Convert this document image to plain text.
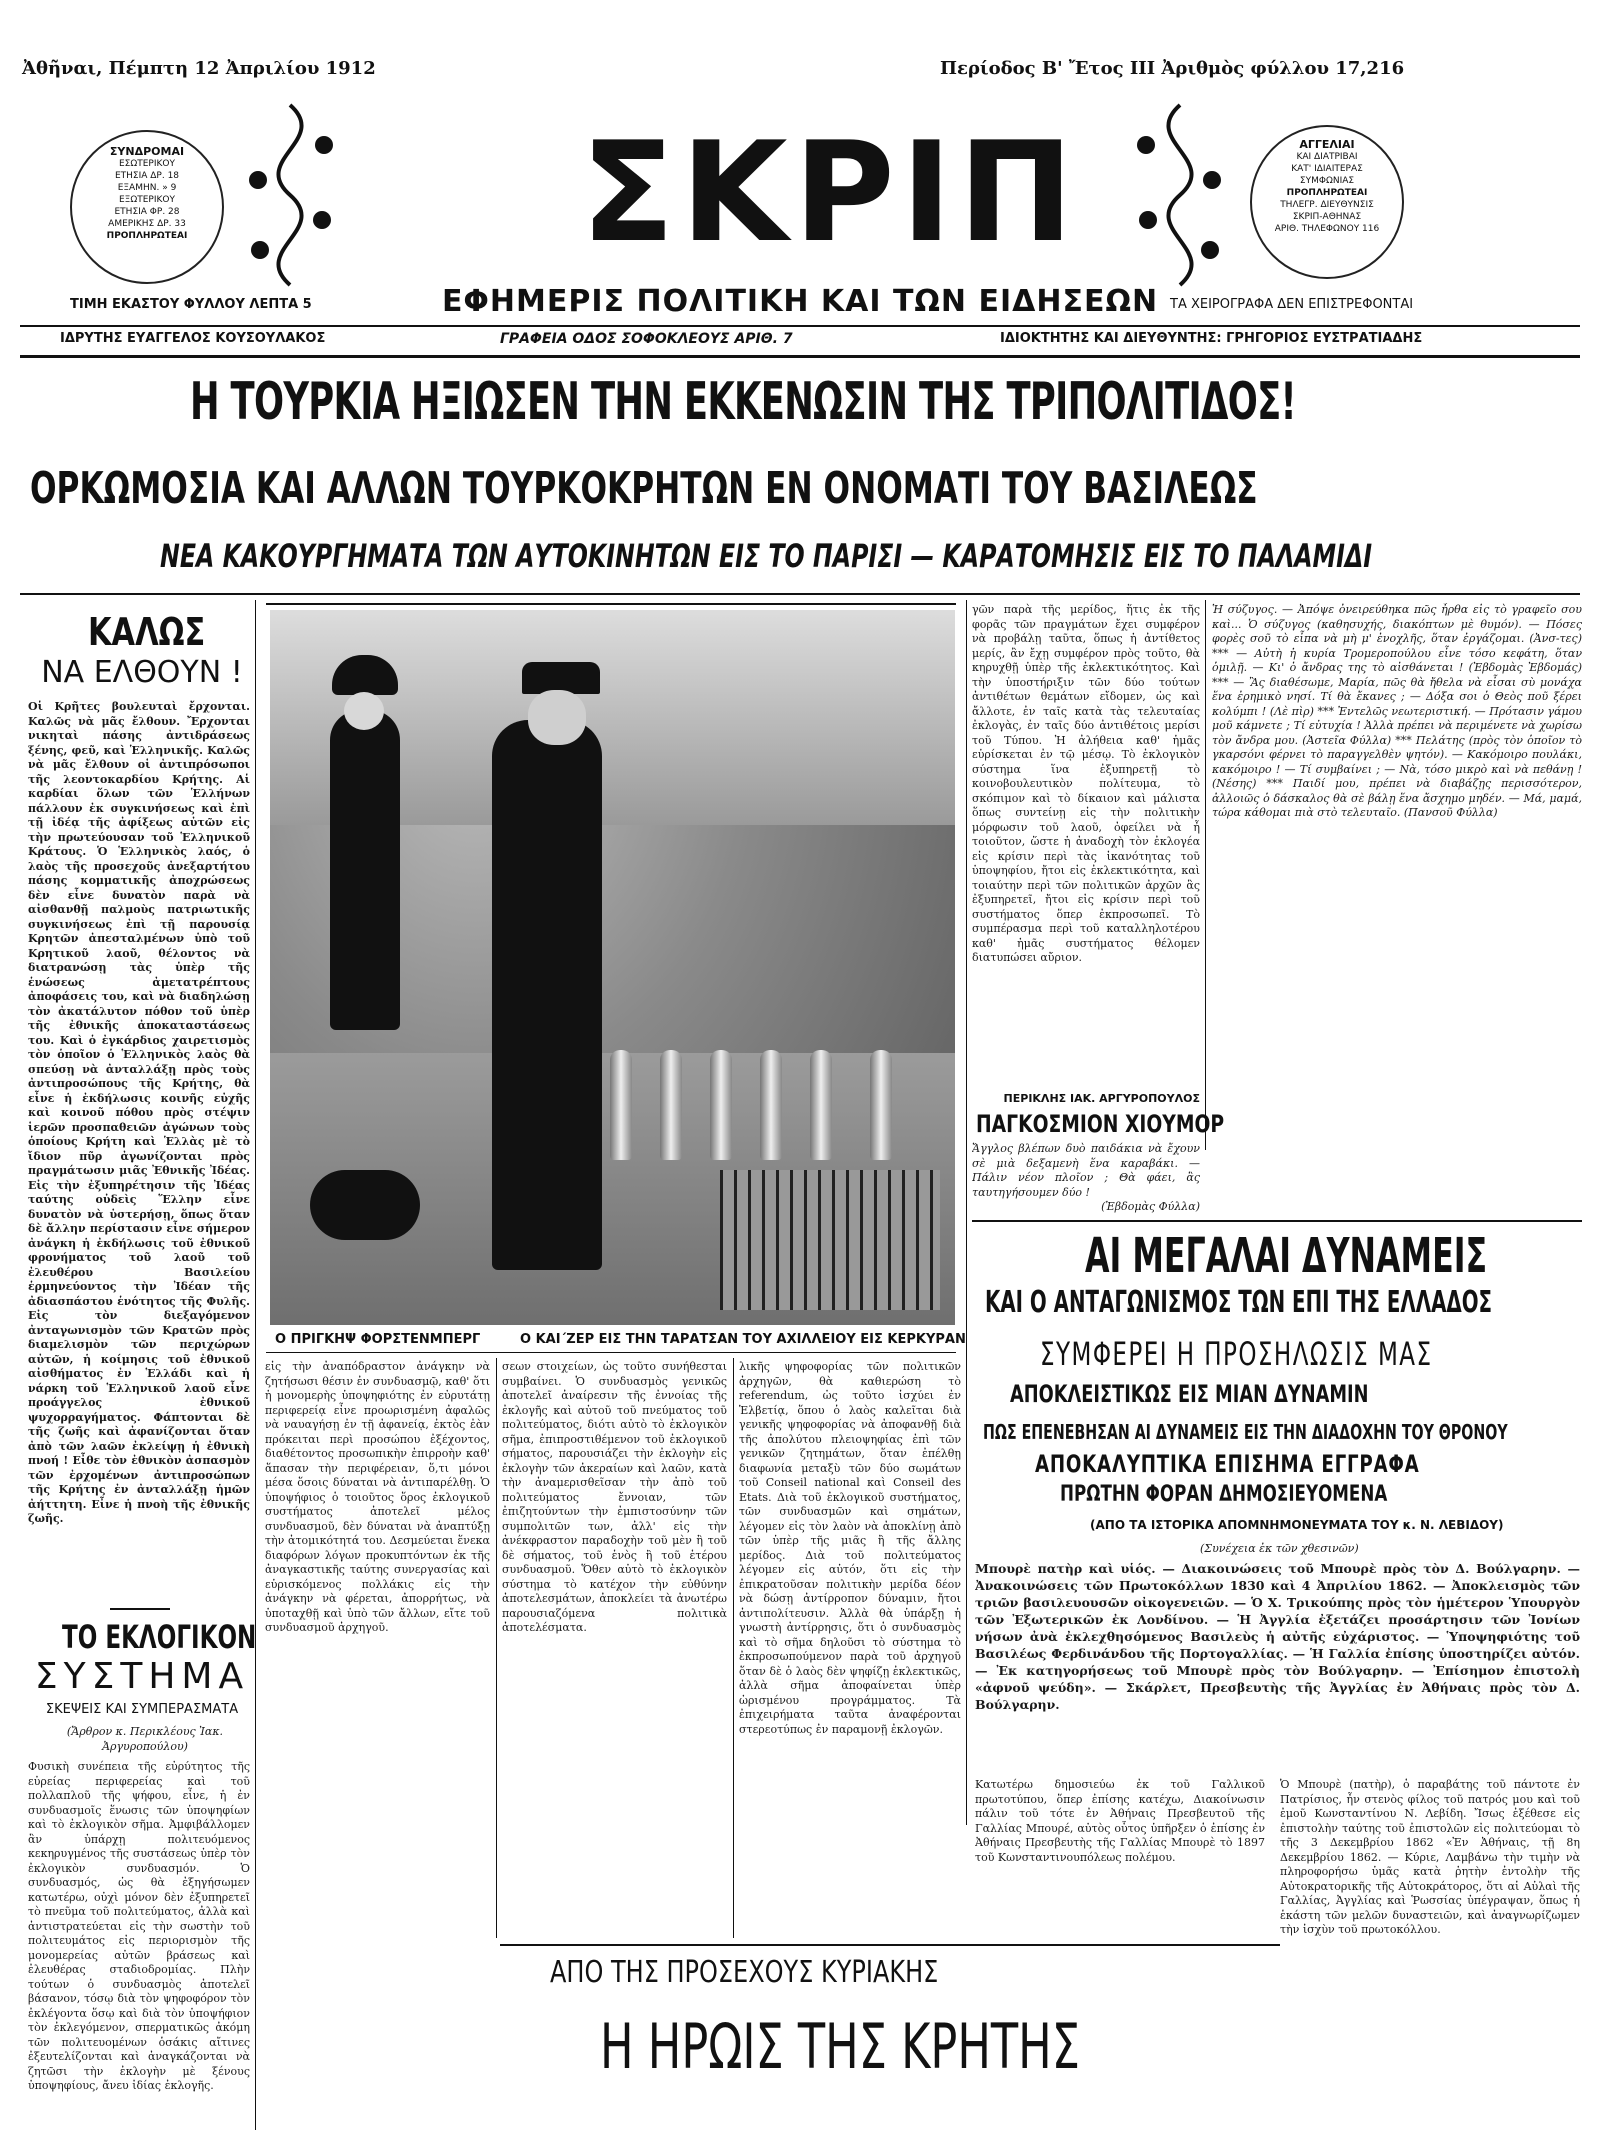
Ἀθῆναι, Πέμπτη 12 Ἀπριλίου 1912	Περίοδος Β' Ἔτος ΙΙΙ Ἀριθμὸς φύλλου 17,216
ΣΥΝΔΡΟΜΑΙ
ΕΣΩΤΕΡΙΚΟΥ
ΕΤΗΣΙΑ ΔΡ. 18
ΕΞΑΜΗΝ. » 9
ΕΞΩΤΕΡΙΚΟΥ
ΕΤΗΣΙΑ ΦΡ. 28
ΑΜΕΡΙΚΗΣ ΔΡ. 33
ΠΡΟΠΛΗΡΩΤΕΑΙ	ΣΚΡΙΠ	ΑΓΓΕΛΙΑΙ
ΚΑΙ ΔΙΑΤΡΙΒΑΙ
ΚΑΤ' ΙΔΙΑΙΤΕΡΑΣ
ΣΥΜΦΩΝΙΑΣ
ΠΡΟΠΛΗΡΩΤΕΑΙ
ΤΗΛΕΓΡ. ΔΙΕΥΘΥΝΣΙΣ
ΣΚΡΙΠ-ΑΘΗΝΑΣ
ΑΡΙΘ. ΤΗΛΕΦΩΝΟΥ 116
ΤΙΜΗ ΕΚΑΣΤΟΥ ΦΥΛΛΟΥ ΛΕΠΤΑ 5	ΕΦΗΜΕΡΙΣ ΠΟΛΙΤΙΚΗ ΚΑΙ ΤΩΝ ΕΙΔΗΣΕΩΝ ΤΑ ΧΕΙΡΟΓΡΑΦΑ ΔΕΝ ΕΠΙΣΤΡΕΦΟΝΤΑΙ
ΙΔΡΥΤΗΣ ΕΥΑΓΓΕΛΟΣ ΚΟΥΣΟΥΛΑΚΟΣ	ΓΡΑΦΕΙΑ ΟΔΟΣ ΣΟΦΟΚΛΕΟΥΣ ΑΡΙΘ. 7	ΙΔΙΟΚΤΗΤΗΣ ΚΑΙ ΔΙΕΥΘΥΝΤΗΣ: ΓΡΗΓΟΡΙΟΣ ΕΥΣΤΡΑΤΙΑΔΗΣ
Η ΤΟΥΡΚΙΑ ΗΞΙΩΣΕΝ ΤΗΝ ΕΚΚΕΝΩΣΙΝ ΤΗΣ ΤΡΙΠΟΛΙΤΙΔΟΣ!
ΟΡΚΩΜΟΣΙΑ ΚΑΙ ΑΛΛΩΝ ΤΟΥΡΚΟΚΡΗΤΩΝ ΕΝ ΟΝΟΜΑΤΙ ΤΟΥ ΒΑΣΙΛΕΩΣ
ΝΕΑ ΚΑΚΟΥΡΓΗΜΑΤΑ ΤΩΝ ΑΥΤΟΚΙΝΗΤΩΝ ΕΙΣ ΤΟ ΠΑΡΙΣΙ — ΚΑΡΑΤΟΜΗΣΙΣ ΕΙΣ ΤΟ ΠΑΛΑΜΙΔΙ
ΚΑΛΩΣ
ΝΑ ΕΛΘΟΥΝ !
Οἱ Κρῆτες βουλευταὶ ἔρχονται. Καλῶς νὰ μᾶς ἔλθουν. Ἔρχονται νικηταὶ πάσης ἀντιδράσεως ξένης, φεῦ, καὶ Ἑλληνικῆς. Καλῶς νὰ μᾶς ἔλθουν οἱ ἀντιπρόσωποι τῆς λεοντοκαρδίου Κρήτης. Αἱ καρδίαι ὅλων τῶν Ἑλλήνων πάλλουν ἐκ συγκινήσεως καὶ ἐπὶ τῇ ἰδέᾳ τῆς ἀφίξεως αὐτῶν εἰς τὴν πρωτεύουσαν τοῦ Ἑλληνικοῦ Κράτους. Ὁ Ἑλληνικὸς λαός, ὁ λαὸς τῆς προσεχοῦς ἀνεξαρτήτου πάσης κομματικῆς ἀποχρώσεως δὲν εἶνε δυνατὸν παρὰ νὰ αἰσθανθῇ παλμοὺς πατριωτικῆς συγκινήσεως ἐπὶ τῇ παρουσίᾳ Κρητῶν ἀπεσταλμένων ὑπὸ τοῦ Κρητικοῦ λαοῦ, θέλοντος νὰ διατρανώσῃ τὰς ὑπὲρ τῆς ἑνώσεως ἀμετατρέπτους ἀποφάσεις του, καὶ νὰ διαδηλώσῃ τὸν ἀκατάλυτον πόθον τοῦ ὑπὲρ τῆς ἐθνικῆς ἀποκαταστάσεως του. Καὶ ὁ ἐγκάρδιος χαιρετισμὸς τὸν ὁποῖον ὁ Ἑλληνικὸς λαὸς θὰ σπεύσῃ νὰ ἀνταλλάξῃ πρὸς τοὺς ἀντιπροσώπους τῆς Κρήτης, θὰ εἶνε ἡ ἐκδήλωσις κοινῆς εὐχῆς καὶ κοινοῦ πόθου πρὸς στέψιν ἱερῶν προσπαθειῶν ἀγώνων τοὺς ὁποίους Κρήτη καὶ Ἑλλὰς μὲ τὸ ἴδιον πῦρ ἀγωνίζονται πρὸς πραγμάτωσιν μιᾶς Ἐθνικῆς Ἰδέας. Εἰς τὴν ἐξυπηρέτησιν τῆς Ἰδέας ταύτης οὐδεὶς Ἕλλην εἶνε δυνατὸν νὰ ὑστερήσῃ, ὅπως ὅταν δὲ ἄλλην περίστασιν εἶνε σήμερον ἀνάγκη ἡ ἐκδήλωσις τοῦ ἐθνικοῦ φρονήματος τοῦ λαοῦ τοῦ ἐλευθέρου Βασιλείου ἑρμηνεύοντος τὴν Ἰδέαν τῆς ἀδιασπάστου ἑνότητος τῆς Φυλῆς. Εἰς τὸν διεξαγόμενον ἀνταγωνισμὸν τῶν Κρατῶν πρὸς διαμελισμὸν τῶν περιχώρων αὐτῶν, ἡ κοίμησις τοῦ ἐθνικοῦ αἰσθήματος ἐν Ἑλλάδι καὶ ἡ νάρκη τοῦ Ἑλληνικοῦ λαοῦ εἶνε προάγγελος ἐθνικοῦ ψυχορραγήματος. Φάπτονται δὲ τῆς ζωῆς καὶ ἀφανίζονται ὅταν ἀπὸ τῶν λαῶν ἐκλείψῃ ἡ ἐθνικὴ πνοή ! Εἶθε τὸν ἐθνικὸν ἀσπασμὸν τῶν ἐρχομένων ἀντιπροσώπων τῆς Κρήτης ἐν ἀνταλλάξῃ ἡμῶν ἀήττητη. Εἶνε ἡ πνοὴ τῆς ἐθνικῆς ζωῆς.
ΤΟ ΕΚΛΟΓΙΚΟΝ
ΣΥΣΤΗΜΑ
ΣΚΕΨΕΙΣ ΚΑΙ ΣΥΜΠΕΡΑΣΜΑΤΑ
(Ἄρθρον κ. Περικλέους Ἰακ. Ἀργυροπούλου)
Φυσικὴ συνέπεια τῆς εὐρύτητος τῆς εὐρείας περιφερείας καὶ τοῦ πολλαπλοῦ τῆς ψήφου, εἶνε, ἡ ἐν συνδυασμοῖς ἕνωσις τῶν ὑποψηφίων καὶ τὸ ἐκλογικὸν σῆμα. Ἀμφιβάλλομεν ἂν ὑπάρχῃ πολιτευόμενος κεκηρυγμένος τῆς συστάσεως ὑπὲρ τὸν ἐκλογικὸν συνδυασμόν. Ὁ συνδυασμός, ὡς θὰ ἐξηγήσωμεν κατωτέρω, οὐχὶ μόνον δὲν ἐξυπηρετεῖ τὸ πνεῦμα τοῦ πολιτεύματος, ἀλλὰ καὶ ἀντιστρατεύεται εἰς τὴν σωστὴν τοῦ πολιτευμάτος εἰς περιορισμὸν τῆς μονομερείας αὐτῶν βράσεως καὶ ἐλευθέρας σταδιοδρομίας. Πλὴν τούτων ὁ συνδυασμὸς ἀποτελεῖ βάσανον, τόσῳ διὰ τὸν ψηφοφόρον τὸν ἐκλέγοντα ὅσῳ καὶ διὰ τὸν ὑποψήφιον τὸν ἐκλεγόμενον, σπερματικῶς ἀκόμη τῶν πολιτευομένων ὁσάκις αἴτινες ἐξευτελίζονται καὶ ἀναγκάζονται νὰ ζητῶσι τὴν ἐκλογὴν μὲ ξένους ὑποψηφίους, ἄνευ ἰδίας ἐκλογῆς.
Ο ΠΡΙΓΚΗΨ ΦΟΡΣΤΕΝΜΠΕΡΓ	Ο ΚΑΙ΄ΖΕΡ ΕΙΣ ΤΗΝ ΤΑΡΑΤΣΑΝ ΤΟΥ ΑΧΙΛΛΕΙΟΥ ΕΙΣ ΚΕΡΚΥΡΑΝ
γῶν παρὰ τῆς μερίδος, ἥτις ἐκ τῆς φορᾶς τῶν πραγμάτων ἔχει συμφέρον νὰ προβάλῃ ταῦτα, ὅπως ἡ ἀντίθετος μερίς, ἂν ἔχῃ συμφέρον πρὸς τοῦτο, θὰ κηρυχθῇ ὑπὲρ τῆς ἐκλεκτικότητος. Καὶ τὴν ὑποστήριξιν τῶν δύο τούτων ἀντιθέτων θεμάτων εἴδομεν, ὡς καὶ ἄλλοτε, ἐν ταῖς κατὰ τὰς τελευταίας ἐκλογὰς, ἐν ταῖς δύο ἀντιθέτοις μερίσι τοῦ Τύπου. Ἡ ἀλήθεια καθ' ἡμᾶς εὑρίσκεται ἐν τῷ μέσῳ. Τὸ ἐκλογικὸν σύστημα ἵνα ἐξυπηρετῇ τὸ κοινοβουλευτικὸν πολίτευμα, τὸ σκόπιμον καὶ τὸ δίκαιον καὶ μάλιστα ὅπως συντείνῃ εἰς τὴν πολιτικὴν μόρφωσιν τοῦ λαοῦ, ὀφείλει νὰ ἦ τοιοῦτον, ὥστε ἡ ἀναδοχὴ τὸν ἐκλογέα εἰς κρίσιν περὶ τὰς ἱκανότητας τοῦ ὑποψηφίου, ἤτοι εἰς ἐκλεκτικότητα, καὶ τοιαύτην περὶ τῶν πολιτικῶν ἀρχῶν ἃς ἐξυπηρετεῖ, ἤτοι εἰς κρίσιν περὶ τοῦ συστήματος ὅπερ ἐκπροσωπεῖ. Τὸ συμπέρασμα περὶ τοῦ καταλληλοτέρου καθ' ἡμᾶς συστήματος θέλομεν διατυπώσει αὔριον.
ΠΕΡΙΚΛΗΣ ΙΑΚ. ΑΡΓΥΡΟΠΟΥΛΟΣ
ΠΑΓΚΟΣΜΙΟΝ ΧΙΟΥΜΟΡ
Ἄγγλος βλέπων δυὸ παιδάκια νὰ ἔχουν σὲ μιὰ δεξαμενὴ ἕνα καραβάκι. — Πάλιν νέον πλοῖον ; Θὰ φάει, ἂς ταυτηγήσουμεν δύο !
(Ἐβδομὰς Φύλλα)
Ἡ σύζυγος. — Ἀπόψε ὀνειρεύθηκα πῶς ἦρθα εἰς τὸ γραφεῖο σου καὶ... Ὁ σύζυγος (καθησυχής, διακόπτων μὲ θυμόν). — Πόσες φορὲς σοῦ τὸ εἶπα νὰ μὴ μ' ἐνοχλῆς, ὅταν ἐργάζομαι. (Ἀνσ-τες) *** — Αὐτὴ ἡ κυρία Τρομεροπούλου εἶνε τόσο κεφάτη, ὅταν ὁμιλῇ. — Κι' ὁ ἄνδρας της τὸ αἰσθάνεται ! (Ἐβδομὰς Ἐβδομάς) *** — Ἂς διαθέσωμε, Μαρία, πῶς θὰ ἤθελα νὰ εἶσαι σὺ μονάχα ἕνα ἐρημικὸ νησί. Τί θὰ ἔκανες ; — Δόξα σοι ὁ Θεὸς ποῦ ξέρει κολύμπι ! (Λὲ πὶρ) *** Ἐντελῶς νεωτεριστική. — Πρότασιν γάμου μοῦ κάμνετε ; Τί εὐτυχία ! Ἀλλὰ πρέπει νὰ περιμένετε νὰ χωρίσω τὸν ἄνδρα μου. (Ἀστεῖα Φύλλα) *** Πελάτης (πρὸς τὸν ὁποῖον τὸ γκαρσόνι φέρνει τὸ παραγγελθὲν ψητόν). — Κακόμοιρο πουλάκι, κακόμοιρο ! — Τί συμβαίνει ; — Νὰ, τόσο μικρὸ καὶ νὰ πεθάνῃ ! (Νέσης) *** Παιδί μου, πρέπει νὰ διαβάζῃς περισσότερον, ἀλλοιῶς ὁ δάσκαλος θὰ σὲ βάλῃ ἕνα ἄσχημο μηδέν. — Μά, μαμά, τώρα κάθομαι πιὰ στὸ τελευταῖο. (Πανσοῦ Φύλλα)
ΑΙ ΜΕΓΑΛΑΙ ΔΥΝΑΜΕΙΣ
ΚΑΙ Ο ΑΝΤΑΓΩΝΙΣΜΟΣ ΤΩΝ ΕΠΙ ΤΗΣ ΕΛΛΑΔΟΣ
ΣΥΜΦΕΡΕΙ Η ΠΡΟΣΗΛΩΣΙΣ ΜΑΣ
ΑΠΟΚΛΕΙΣΤΙΚΩΣ ΕΙΣ ΜΙΑΝ ΔΥΝΑΜΙΝ
ΠΩΣ ΕΠΕΝΕΒΗΣΑΝ ΑΙ ΔΥΝΑΜΕΙΣ ΕΙΣ ΤΗΝ ΔΙΑΔΟΧΗΝ ΤΟΥ ΘΡΟΝΟΥ
ΑΠΟΚΑΛΥΠΤΙΚΑ ΕΠΙΣΗΜΑ ΕΓΓΡΑΦΑ
ΠΡΩΤΗΝ ΦΟΡΑΝ ΔΗΜΟΣΙΕΥΟΜΕΝΑ
(ΑΠΟ ΤΑ ΙΣΤΟΡΙΚΑ ΑΠΟΜΝΗΜΟΝΕΥΜΑΤΑ ΤΟΥ κ. Ν. ΛΕΒΙΔΟΥ)
(Συνέχεια ἐκ τῶν χθεσινῶν)
Μπουρὲ πατὴρ καὶ υἱός. — Διακοινώσεις τοῦ Μπουρὲ πρὸς τὸν Δ. Βούλγαρην. — Ἀνακοινώσεις τῶν Πρωτοκόλλων 1830 καὶ 4 Ἀπριλίου 1862. — Ἀποκλεισμὸς τῶν τριῶν βασιλευουσῶν οἰκογενειῶν. — Ὁ Χ. Τρικούπης πρὸς τὸν ἡμέτερον Ὑπουργὸν τῶν Ἐξωτερικῶν ἐκ Λονδίνου. — Ἡ Ἀγγλία ἐξετάζει προσάρτησιν τῶν Ἰονίων νήσων ἀνὰ ἐκλεχθησόμενος Βασιλεὺς ἡ αὐτῆς εὐχάριστος. — Ὑποψηφιότης τοῦ Βασιλέως Φερδινάνδου τῆς Πορτογαλλίας. — Ἡ Γαλλία ἐπίσης ὑποστηρίζει αὐτόν. — Ἐκ κατηγορήσεως τοῦ Μπουρὲ πρὸς τὸν Βούλγαρην. — Ἐπίσημον ἐπιστολὴ «ἀφνοῦ ψεύδη». — Σκάρλετ, Πρεσβευτὴς τῆς Ἀγγλίας ἐν Ἀθήναις πρὸς τὸν Δ. Βούλγαρην.
Κατωτέρω δημοσιεύω ἐκ τοῦ Γαλλικοῦ πρωτοτύπου, ὅπερ ἐπίσης κατέχω, Διακοίνωσιν πάλιν τοῦ τότε ἐν Ἀθήναις Πρεσβευτοῦ τῆς Γαλλίας Μπουρέ, αὐτὸς οὗτος ὑπῆρξεν ὁ ἐπίσης ἐν Ἀθήναις Πρεσβευτὴς τῆς Γαλλίας Μπουρὲ τὸ 1897 τοῦ Κωνσταντινουπόλεως πολέμου.
Ὁ Μπουρὲ (πατὴρ), ὁ παραβάτης τοῦ πάντοτε ἐν Πατρίσιος, ἦν στενὸς φίλος τοῦ πατρός μου καὶ τοῦ ἐμοῦ Κωνσταντίνου Ν. Λεβίδη. Ἴσως ἐξέθεσε εἰς ἐπιστολὴν ταύτης τοῦ ἐπιστολῶν εἰς πολιτεύομαι τὸ τῆς 3 Δεκεμβρίου 1862 «Ἐν Ἀθήναις, τῇ 8η Δεκεμβρίου 1862. — Κύριε, Λαμβάνω τὴν τιμὴν νὰ πληροφορήσω ὑμᾶς κατὰ ῥητὴν ἐντολὴν τῆς Αὐτοκρατορικῆς τῆς Αὐτοκράτορος, ὅτι αἱ Αὐλαὶ τῆς Γαλλίας, Ἀγγλίας καὶ Ῥωσσίας ὑπέγραψαν, ὅπως ἡ ἑκάστη τῶν μελῶν δυναστειῶν, καὶ ἀναγνωρίζωμεν τὴν ἰσχὺν τοῦ πρωτοκόλλου.
εἰς τὴν ἀναπόδραστον ἀνάγκην νὰ ζητήσωσι θέσιν ἐν συνδυασμῷ, καθ' ὅτι ἡ μονομερὴς ὑποψηφιότης ἐν εὐρυτάτῃ περιφερείᾳ εἶνε προωρισμένη ἀφαλῶς νὰ ναυαγήσῃ ἐν τῇ ἀφανείᾳ, ἐκτὸς ἐὰν πρόκειται περὶ προσώπου ἐξέχοντος, διαθέτοντος προσωπικὴν ἐπιρροὴν καθ' ἅπασαν τὴν περιφέρειαν, ὅ,τι μόνοι μέσα ὅσοις δύναται νὰ ἀντιπαρέλθῃ. Ὁ ὑποψήφιος ὁ τοιοῦτος ὅρος ἐκλογικοῦ συστήματος ἀποτελεῖ μέλος συνδυασμοῦ, δὲν δύναται νὰ ἀναπτύξῃ τὴν ἀτομικότητά του. Δεσμεύεται ἕνεκα διαφόρων λόγων προκυπτόντων ἐκ τῆς ἀναγκαστικῆς ταύτης συνεργασίας καὶ εὑρισκόμενος πολλάκις εἰς τὴν ἀνάγκην νὰ φέρεται, ἀπορρήτως, νὰ ὑποταχθῇ καὶ ὑπὸ τῶν ἄλλων, εἴτε τοῦ συνδυασμοῦ ἀρχηγοῦ.
σεων στοιχείων, ὡς τοῦτο συνήθεσται συμβαίνει. Ὁ συνδυασμὸς γενικῶς ἀποτελεῖ ἀναίρεσιν τῆς ἐννοίας τῆς ἐκλογῆς καὶ αὐτοῦ τοῦ πνεύματος τοῦ πολιτεύματος, διότι αὐτὸ τὸ ἐκλογικὸν σῆμα, ἐπιπροστιθέμενον τοῦ ἐκλογικοῦ σήματος, παρουσιάζει τὴν ἐκλογὴν εἰς ἐκλογὴν τῶν ἀκεραίων καὶ λαῶν, κατὰ τὴν ἀναμερισθεῖσαν τὴν ἀπὸ τοῦ πολιτεύματος ἔννοιαν, τῶν ἐπιζητούντων τὴν ἐμπιστοσύνην τῶν συμπολιτῶν των, ἀλλ' εἰς τὴν ἀνέκφραστον παραδοχὴν τοῦ μὲν ἢ τοῦ δὲ σήματος, τοῦ ἑνὸς ἢ τοῦ ἑτέρου συνδυασμοῦ. Ὅθεν αὐτὸ τὸ ἐκλογικὸν σύστημα τὸ κατέχον τὴν εὐθύνην ἀποτελεσμάτων, ἀποκλείει τὰ ἀνωτέρω παρουσιαζόμενα πολιτικὰ ἀποτελέσματα.
λικῆς ψηφοφορίας τῶν πολιτικῶν ἀρχηγῶν, θὰ καθιερώση τὸ referendum, ὡς τοῦτο ἰσχύει ἐν Ἑλβετίᾳ, ὅπου ὁ λαὸς καλεῖται διὰ γενικῆς ψηφοφορίας νὰ ἀποφανθῇ διὰ τῆς ἀπολύτου πλειοψηφίας ἐπὶ τῶν γενικῶν ζητημάτων, ὅταν ἐπέλθῃ διαφωνία μεταξὺ τῶν δύο σωμάτων τοῦ Conseil national καὶ Conseil des Etats. Διὰ τοῦ ἐκλογικοῦ συστήματος, τῶν συνδυασμῶν καὶ σημάτων, λέγομεν εἰς τὸν λαὸν νὰ ἀποκλίνῃ ἀπὸ τῶν ὑπὲρ τῆς μιᾶς ἢ τῆς ἄλλης μερίδος. Διὰ τοῦ πολιτεύματος λέγομεν εἰς αὐτόν, ὅτι εἰς τὴν ἐπικρατοῦσαν πολιτικὴν μερίδα δέον νὰ δώσῃ ἀντίρροπον δύναμιν, ἤτοι ἀντιπολίτευσιν. Ἀλλὰ θὰ ὑπάρξῃ ἡ γνωστὴ ἀντίρρησις, ὅτι ὁ συνδυασμὸς καὶ τὸ σῆμα δηλοῦσι τὸ σύστημα τὸ ἐκπροσωπούμενον παρὰ τοῦ ἀρχηγοῦ ὅταν δὲ ὁ λαὸς δὲν ψηφίζῃ ἐκλεκτικῶς, ἀλλὰ σῆμα ἀποφαίνεται ὑπὲρ ὡρισμένου προγράμματος. Τὰ ἐπιχειρήματα ταῦτα ἀναφέρονται στερεοτύπως ἐν παραμονῇ ἐκλογῶν.
ΑΠΟ ΤΗΣ ΠΡΟΣΕΧΟΥΣ ΚΥΡΙΑΚΗΣ
Η ΗΡΩΙΣ ΤΗΣ ΚΡΗΤΗΣ
